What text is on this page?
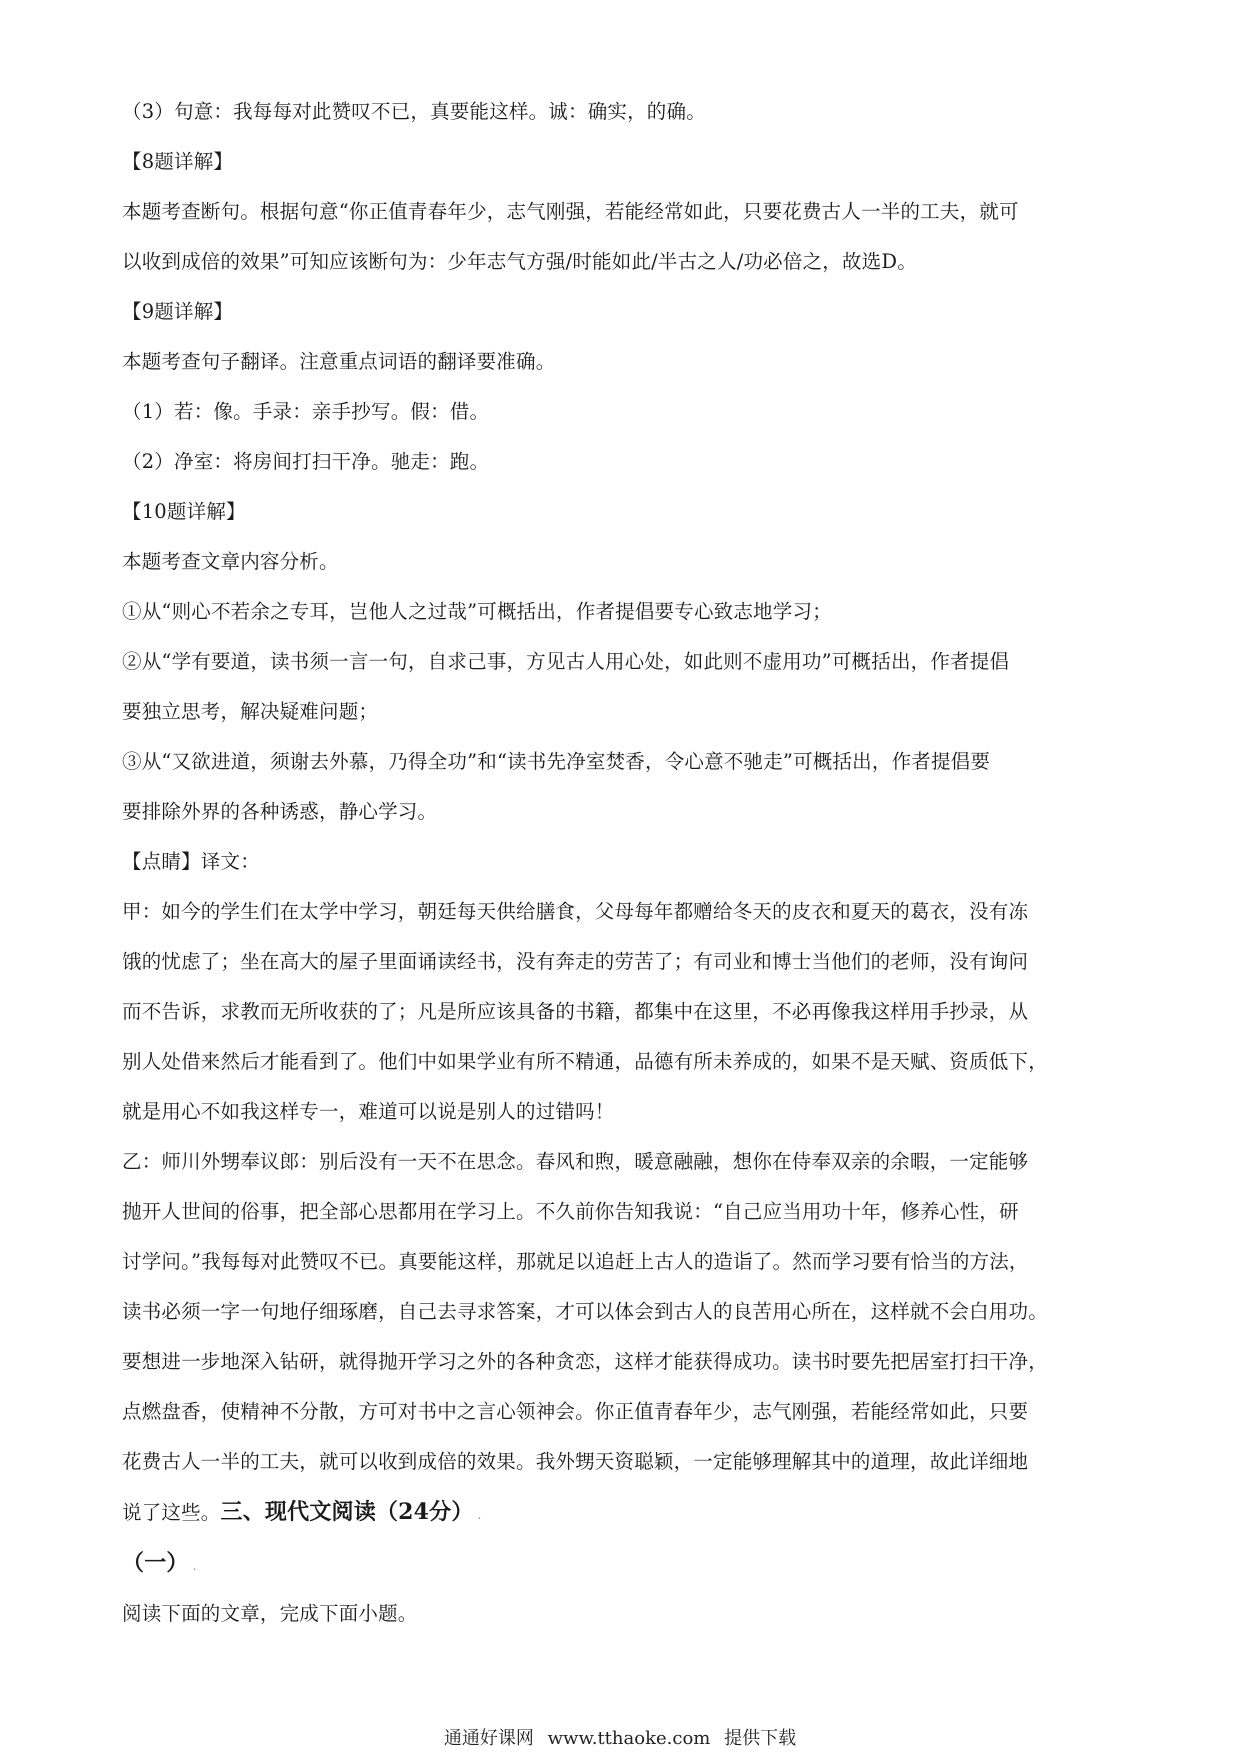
（3）句意：我每每对此赞叹不已，真要能这样。诚：确实，的确。
【8题详解】
本题考查断句。根据句意“你正值青春年少，志气刚强，若能经常如此，只要花费古人一半的工夫，就可
以收到成倍的效果”可知应该断句为：少年志气方强/时能如此/半古之人/功必倍之，故选D。
【9题详解】
本题考查句子翻译。注意重点词语的翻译要准确。
（1）若：像。手录：亲手抄写。假：借。
（2）净室：将房间打扫干净。驰走：跑。
【10题详解】
本题考查文章内容分析。
①从“则心不若余之专耳，岂他人之过哉”可概括出，作者提倡要专心致志地学习；
②从“学有要道，读书须一言一句，自求己事，方见古人用心处，如此则不虚用功”可概括出，作者提倡
要独立思考，解决疑难问题；
③从“又欲进道，须谢去外慕，乃得全功”和“读书先净室焚香，令心意不驰走”可概括出，作者提倡要
要排除外界的各种诱惑，静心学习。
【点睛】译文：
甲：如今的学生们在太学中学习，朝廷每天供给膳食，父母每年都赠给冬天的皮衣和夏天的葛衣，没有冻
饿的忧虑了；坐在高大的屋子里面诵读经书，没有奔走的劳苦了；有司业和博士当他们的老师，没有询问
而不告诉，求教而无所收获的了；凡是所应该具备的书籍，都集中在这里，不必再像我这样用手抄录，从
别人处借来然后才能看到了。他们中如果学业有所不精通，品德有所未养成的，如果不是天赋、资质低下，
就是用心不如我这样专一，难道可以说是别人的过错吗！
乙：师川外甥奉议郎：别后没有一天不在思念。春风和煦，暖意融融，想你在侍奉双亲的余暇，一定能够
抛开人世间的俗事，把全部心思都用在学习上。不久前你告知我说：“自己应当用功十年，修养心性，研
讨学问。”我每每对此赞叹不已。真要能这样，那就足以追赶上古人的造诣了。然而学习要有恰当的方法，
读书必须一字一句地仔细琢磨，自己去寻求答案，才可以体会到古人的良苦用心所在，这样就不会白用功。
要想进一步地深入钻研，就得抛开学习之外的各种贪恋，这样才能获得成功。读书时要先把居室打扫干净，
点燃盘香，使精神不分散，方可对书中之言心领神会。你正值青春年少，志气刚强，若能经常如此，只要
花费古人一半的工夫，就可以收到成倍的效果。我外甥天资聪颖，一定能够理解其中的道理，故此详细地
说了这些。三、现代文阅读（24分） .
（一） .
阅读下面的文章，完成下面小题。
通通好课网 www.tthaoke.com 提供下载
